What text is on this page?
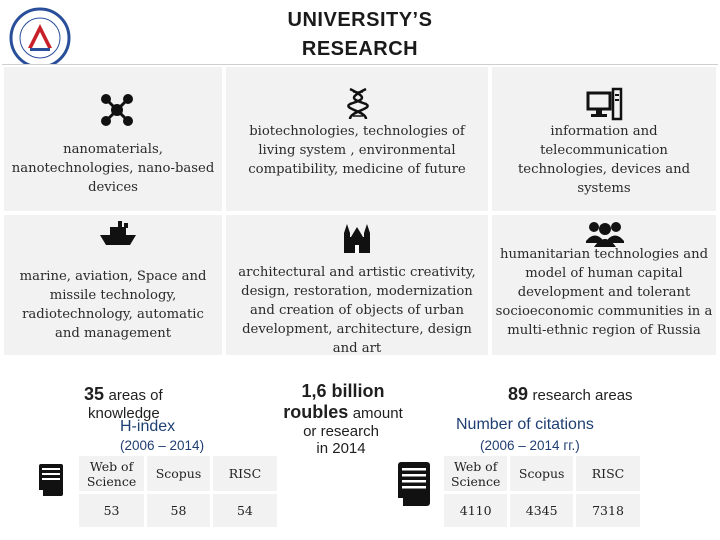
UNIVERSITY’S
RESEARCH
nanomaterials, nanotechnologies, nano-based devices
biotechnologies, technologies of living system , environmental compatibility, medicine of future
information and telecommunication technologies, devices and systems
marine, aviation, Space and missile technology, radiotechnology, automatic and management
architectural and artistic creativity, design, restoration, modernization and creation of objects of urban development, architecture, design and art
humanitarian technologies and model of human capital development and tolerant socioeconomic communities in a multi-ethnic region of Russia
35 areas of
knowledge
H-index
(2006 – 2014)
Web of Science	Scopus	RISC
53	58	54
1,6 billion
roubles amount
or research
in 2014
89 research areas
Number of citations
(2006 – 2014 гг.)
Web of Science	Scopus	RISC
4110	4345	7318
